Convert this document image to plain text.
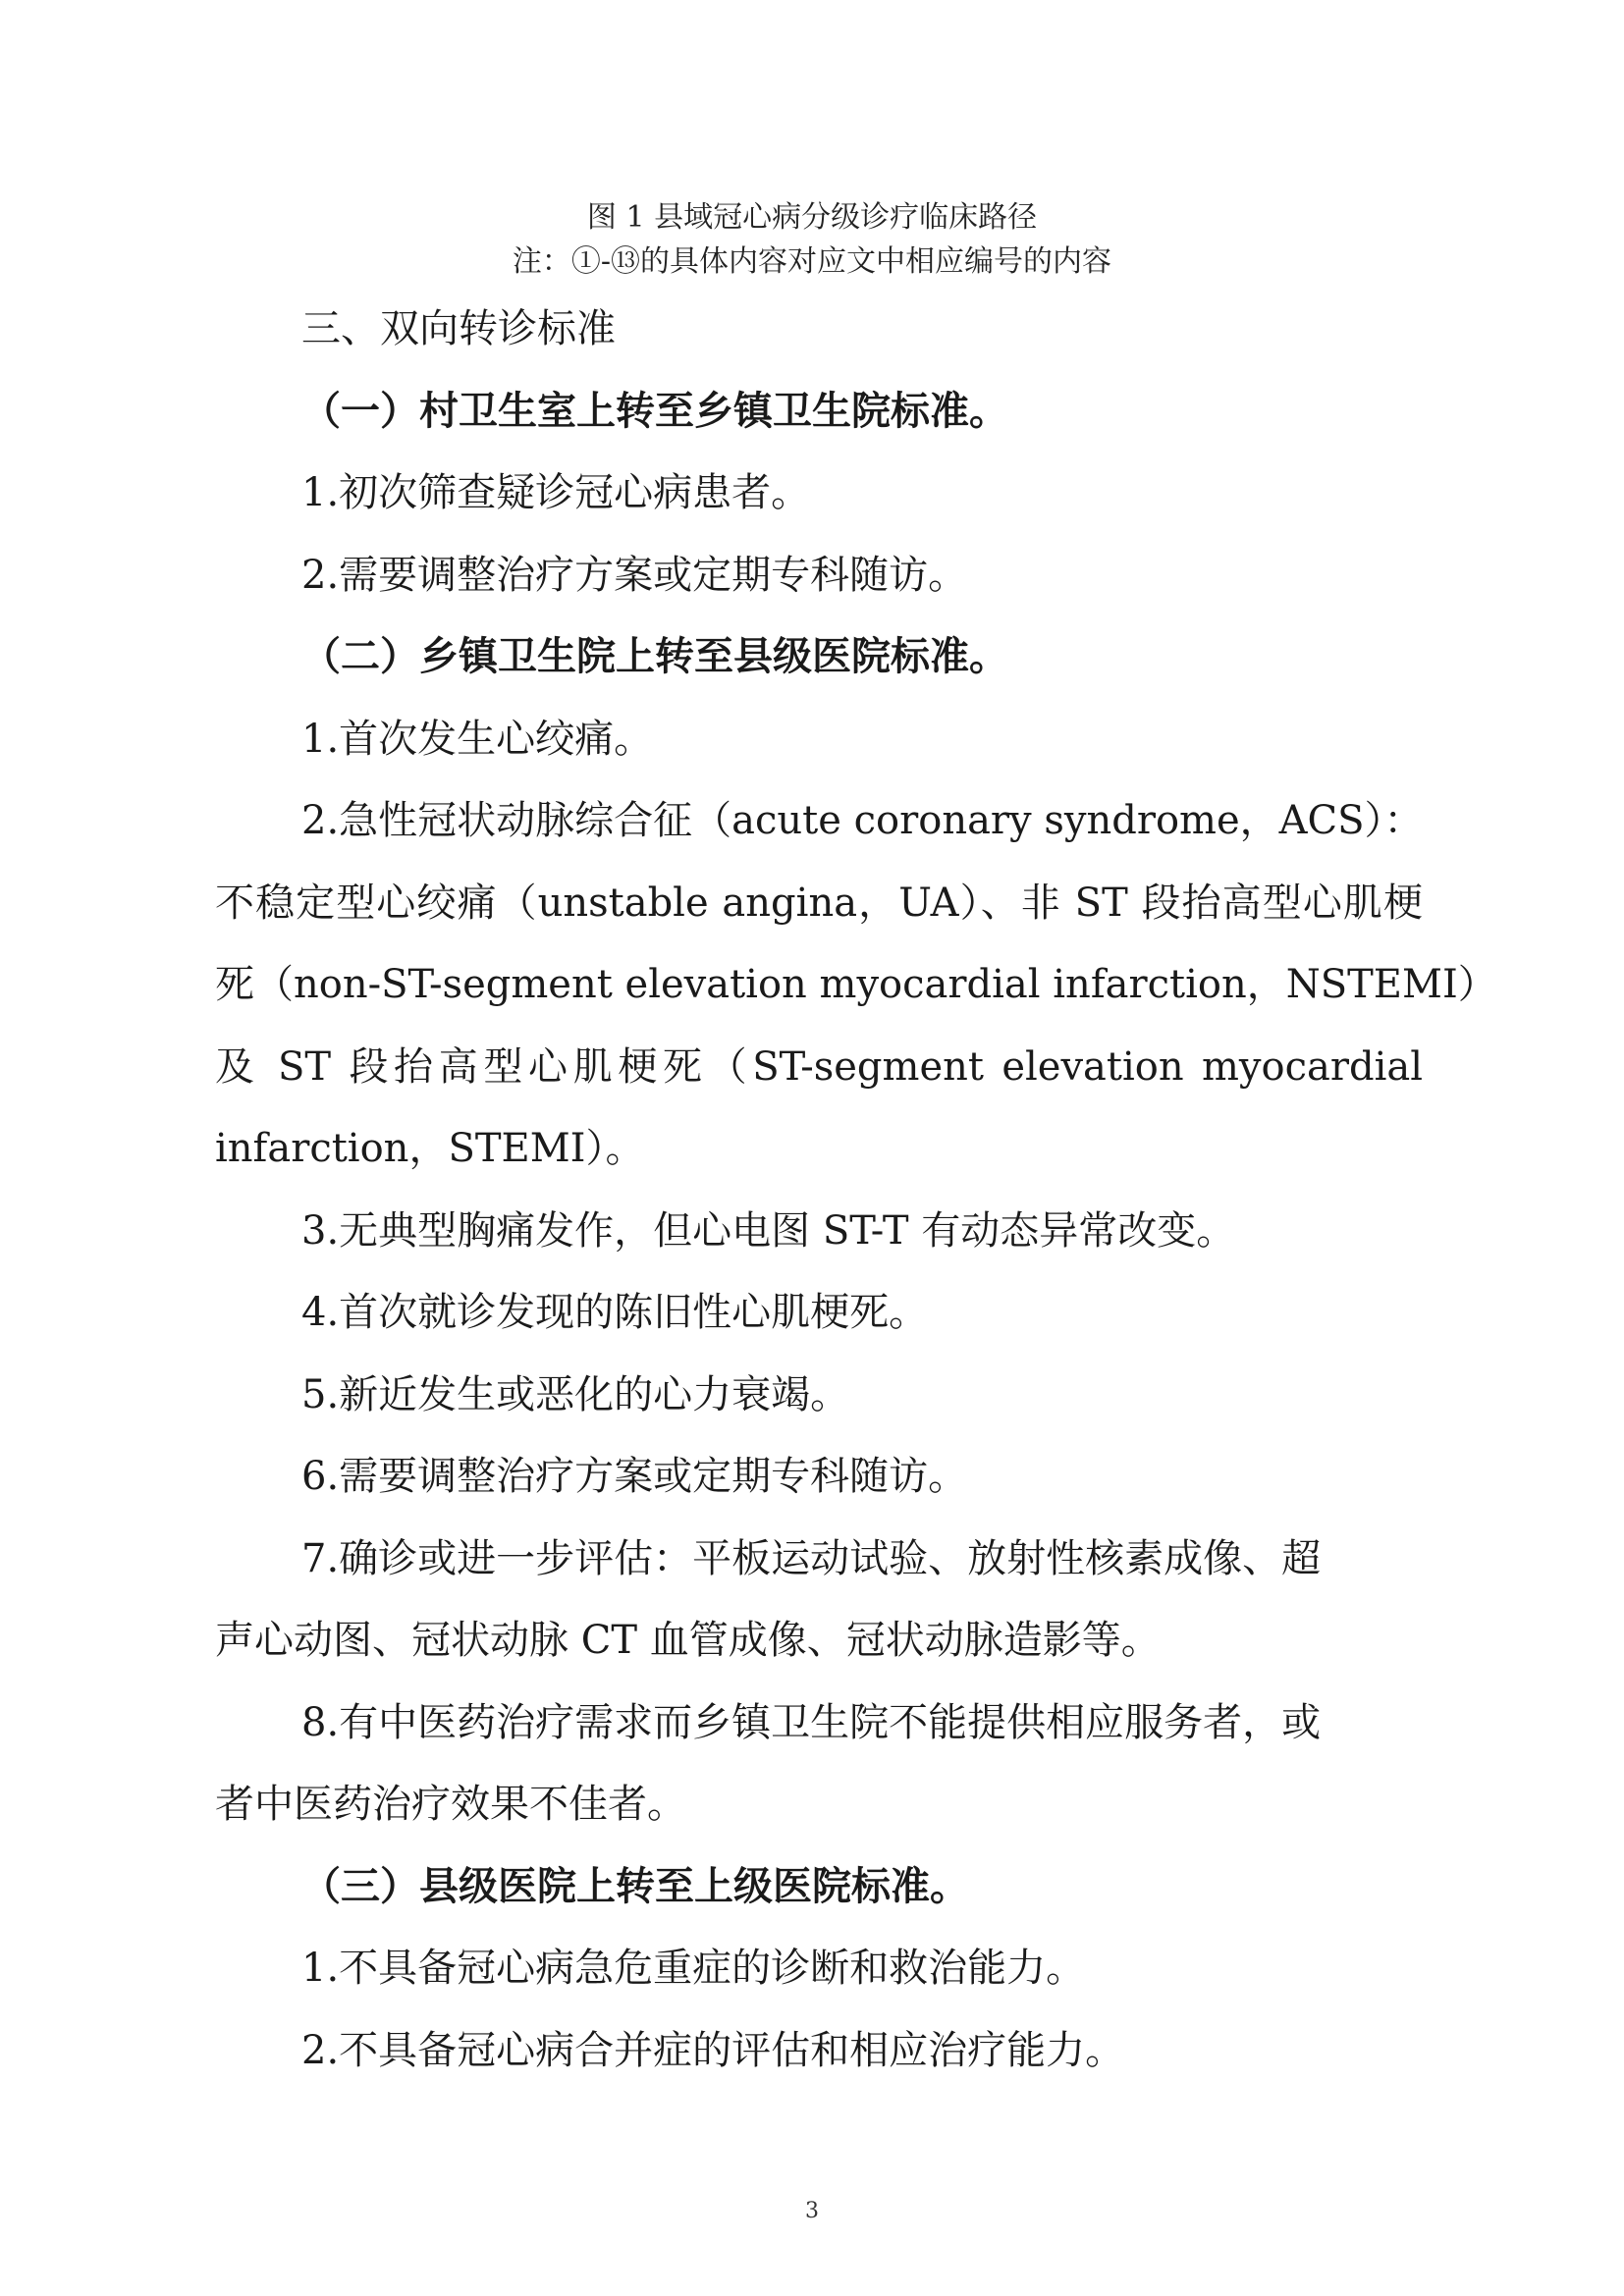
图 1 县域冠心病分级诊疗临床路径
注：①-⑬的具体内容对应文中相应编号的内容
三、双向转诊标准
（一）村卫生室上转至乡镇卫生院标准。
1.初次筛查疑诊冠心病患者。
2.需要调整治疗方案或定期专科随访。
（二）乡镇卫生院上转至县级医院标准。
1.首次发生心绞痛。
2.急性冠状动脉综合征（acute coronary syndrome，ACS）：
不稳定型心绞痛（unstable angina，UA）、非 ST 段抬高型心肌梗
死（non-ST-segment elevation myocardial infarction，NSTEMI）
及 ST 段抬高型心肌梗死（ST-segment elevation myocardial
infarction，STEMI）。
3.无典型胸痛发作，但心电图 ST-T 有动态异常改变。
4.首次就诊发现的陈旧性心肌梗死。
5.新近发生或恶化的心力衰竭。
6.需要调整治疗方案或定期专科随访。
7.确诊或进一步评估：平板运动试验、放射性核素成像、超
声心动图、冠状动脉 CT 血管成像、冠状动脉造影等。
8.有中医药治疗需求而乡镇卫生院不能提供相应服务者，或
者中医药治疗效果不佳者。
（三）县级医院上转至上级医院标准。
1.不具备冠心病急危重症的诊断和救治能力。
2.不具备冠心病合并症的评估和相应治疗能力。
3
